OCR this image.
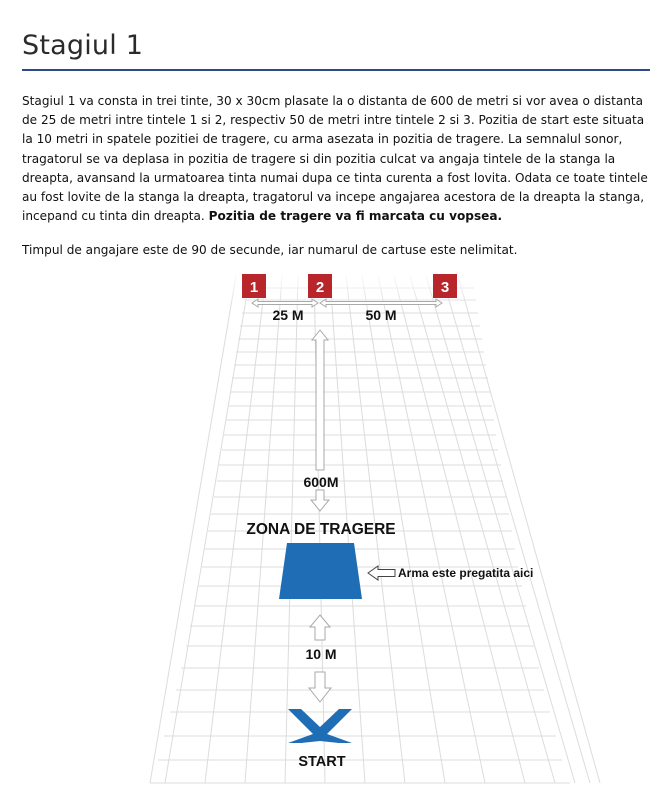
Stagiul 1

Stagiul 1 va consta in trei tinte, 30 x 30cm plasate la o distanta de 600 de metri si vor avea o distanta de 25 de metri intre tintele 1 si 2, respectiv 50 de metri intre tintele 2 si 3. Pozitia de start este situata la 10 metri in spatele pozitiei de tragere, cu arma asezata in pozitia de tragere. La semnalul sonor, tragatorul se va deplasa in pozitia de tragere si din pozitia culcat va angaja tintele de la stanga la dreapta, avansand la urmatoarea tinta numai dupa ce tinta curenta a fost lovita. Odata ce toate tintele au fost lovite de la stanga la dreapta, tragatorul va incepe angajarea acestora de la dreapta la stanga, incepand cu tinta din dreapta. Pozitia de tragere va fi marcata cu vopsea.

Timpul de angajare este de 90 de secunde, iar numarul de cartuse este nelimitat.

1	2	3
25 M	50 M
600M
ZONA DE TRAGERE
Arma este pregatita aici
10 M
START
